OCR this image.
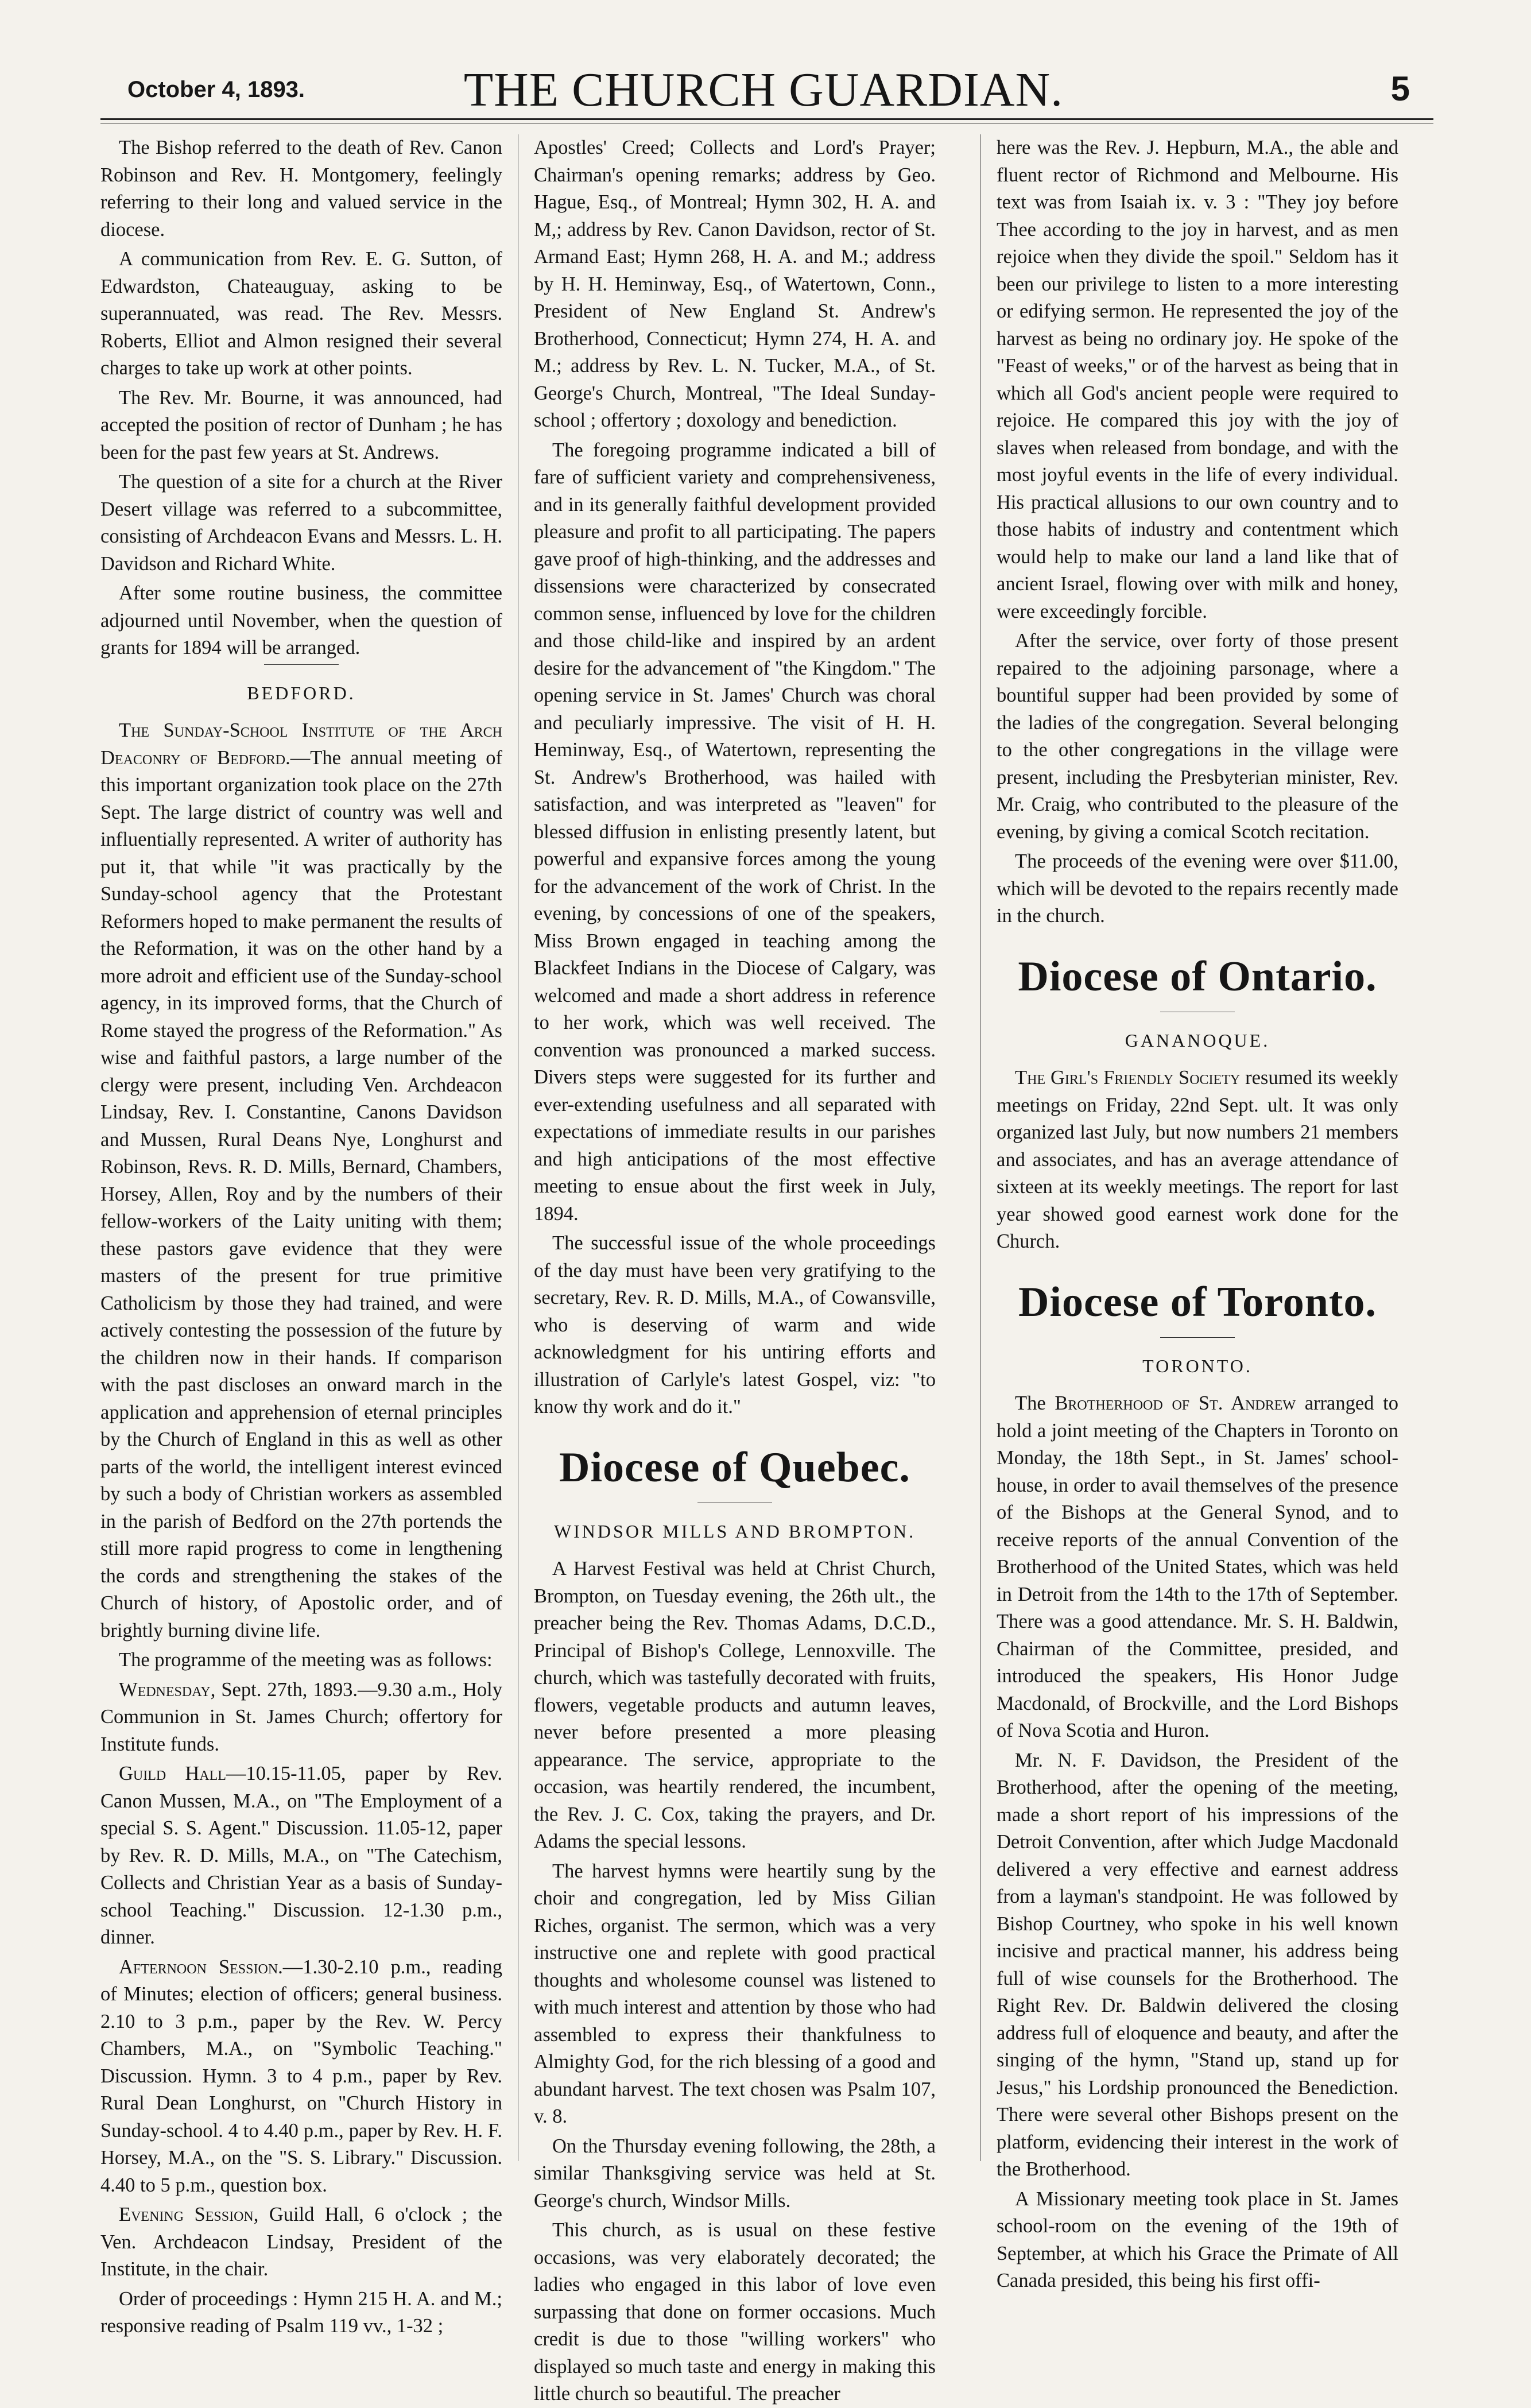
October 4, 1893.	THE CHURCH GUARDIAN.	5

The Bishop referred to the death of Rev. Canon Robinson and Rev. H. Montgomery, feelingly referring to their long and valued service in the diocese.

A communication from Rev. E. G. Sutton, of Edwardston, Chateauguay, asking to be superannuated, was read. The Rev. Messrs. Roberts, Elliot and Almon resigned their several charges to take up work at other points.

The Rev. Mr. Bourne, it was announced, had accepted the position of rector of Dunham ; he has been for the past few years at St. Andrews.

The question of a site for a church at the River Desert village was referred to a subcommittee, consisting of Archdeacon Evans and Messrs. L. H. Davidson and Richard White.

After some routine business, the committee adjourned until November, when the question of grants for 1894 will be arranged.

BEDFORD.

The Sunday-School Institute of the Arch Deaconry of Bedford.—The annual meeting of this important organization took place on the 27th Sept. The large district of country was well and influentially represented. A writer of authority has put it, that while "it was practically by the Sunday-school agency that the Protestant Reformers hoped to make permanent the results of the Reformation, it was on the other hand by a more adroit and efficient use of the Sunday-school agency, in its improved forms, that the Church of Rome stayed the progress of the Reformation." As wise and faithful pastors, a large number of the clergy were present, including Ven. Archdeacon Lindsay, Rev. I. Constantine, Canons Davidson and Mussen, Rural Deans Nye, Longhurst and Robinson, Revs. R. D. Mills, Bernard, Chambers, Horsey, Allen, Roy and by the numbers of their fellow-workers of the Laity uniting with them; these pastors gave evidence that they were masters of the present for true primitive Catholicism by those they had trained, and were actively contesting the possession of the future by the children now in their hands. If comparison with the past discloses an onward march in the application and apprehension of eternal principles by the Church of England in this as well as other parts of the world, the intelligent interest evinced by such a body of Christian workers as assembled in the parish of Bedford on the 27th portends the still more rapid progress to come in lengthening the cords and strengthening the stakes of the Church of history, of Apostolic order, and of brightly burning divine life.

The programme of the meeting was as follows:

Wednesday, Sept. 27th, 1893.—9.30 a.m., Holy Communion in St. James Church; offertory for Institute funds.

Guild Hall—10.15-11.05, paper by Rev. Canon Mussen, M.A., on "The Employment of a special S. S. Agent." Discussion. 11.05-12, paper by Rev. R. D. Mills, M.A., on "The Catechism, Collects and Christian Year as a basis of Sunday-school Teaching." Discussion. 12-1.30 p.m., dinner.

Afternoon Session.—1.30-2.10 p.m., reading of Minutes; election of officers; general business. 2.10 to 3 p.m., paper by the Rev. W. Percy Chambers, M.A., on "Symbolic Teaching." Discussion. Hymn. 3 to 4 p.m., paper by Rev. Rural Dean Longhurst, on "Church History in Sunday-school. 4 to 4.40 p.m., paper by Rev. H. F. Horsey, M.A., on the "S. S. Library." Discussion. 4.40 to 5 p.m., question box.

Evening Session, Guild Hall, 6 o'clock ; the Ven. Archdeacon Lindsay, President of the Institute, in the chair.

Order of proceedings : Hymn 215 H. A. and M.; responsive reading of Psalm 119 vv., 1-32 ;

Apostles' Creed; Collects and Lord's Prayer; Chairman's opening remarks; address by Geo. Hague, Esq., of Montreal; Hymn 302, H. A. and M,; address by Rev. Canon Davidson, rector of St. Armand East; Hymn 268, H. A. and M.; address by H. H. Heminway, Esq., of Watertown, Conn., President of New England St. Andrew's Brotherhood, Connecticut; Hymn 274, H. A. and M.; address by Rev. L. N. Tucker, M.A., of St. George's Church, Montreal, "The Ideal Sunday-school ; offertory ; doxology and benediction.

The foregoing programme indicated a bill of fare of sufficient variety and comprehensiveness, and in its generally faithful development provided pleasure and profit to all participating. The papers gave proof of high-thinking, and the addresses and dissensions were characterized by consecrated common sense, influenced by love for the children and those child-like and inspired by an ardent desire for the advancement of "the Kingdom." The opening service in St. James' Church was choral and peculiarly impressive. The visit of H. H. Heminway, Esq., of Watertown, representing the St. Andrew's Brotherhood, was hailed with satisfaction, and was interpreted as "leaven" for blessed diffusion in enlisting presently latent, but powerful and expansive forces among the young for the advancement of the work of Christ. In the evening, by concessions of one of the speakers, Miss Brown engaged in teaching among the Blackfeet Indians in the Diocese of Calgary, was welcomed and made a short address in reference to her work, which was well received. The convention was pronounced a marked success. Divers steps were suggested for its further and ever-extending usefulness and all separated with expectations of immediate results in our parishes and high anticipations of the most effective meeting to ensue about the first week in July, 1894.

The successful issue of the whole proceedings of the day must have been very gratifying to the secretary, Rev. R. D. Mills, M.A., of Cowansville, who is deserving of warm and wide acknowledgment for his untiring efforts and illustration of Carlyle's latest Gospel, viz: "to know thy work and do it."

Diocese of Quebec.
WINDSOR MILLS AND BROMPTON.

A Harvest Festival was held at Christ Church, Brompton, on Tuesday evening, the 26th ult., the preacher being the Rev. Thomas Adams, D.C.D., Principal of Bishop's College, Lennoxville. The church, which was tastefully decorated with fruits, flowers, vegetable products and autumn leaves, never before presented a more pleasing appearance. The service, appropriate to the occasion, was heartily rendered, the incumbent, the Rev. J. C. Cox, taking the prayers, and Dr. Adams the special lessons.

The harvest hymns were heartily sung by the choir and congregation, led by Miss Gilian Riches, organist. The sermon, which was a very instructive one and replete with good practical thoughts and wholesome counsel was listened to with much interest and attention by those who had assembled to express their thankfulness to Almighty God, for the rich blessing of a good and abundant harvest. The text chosen was Psalm 107, v. 8.

On the Thursday evening following, the 28th, a similar Thanksgiving service was held at St. George's church, Windsor Mills.

This church, as is usual on these festive occasions, was very elaborately decorated; the ladies who engaged in this labor of love even surpassing that done on former occasions. Much credit is due to those "willing workers" who displayed so much taste and energy in making this little church so beautiful. The preacher

here was the Rev. J. Hepburn, M.A., the able and fluent rector of Richmond and Melbourne. His text was from Isaiah ix. v. 3 : "They joy before Thee according to the joy in harvest, and as men rejoice when they divide the spoil." Seldom has it been our privilege to listen to a more interesting or edifying sermon. He represented the joy of the harvest as being no ordinary joy. He spoke of the "Feast of weeks," or of the harvest as being that in which all God's ancient people were required to rejoice. He compared this joy with the joy of slaves when released from bondage, and with the most joyful events in the life of every individual. His practical allusions to our own country and to those habits of industry and contentment which would help to make our land a land like that of ancient Israel, flowing over with milk and honey, were exceedingly forcible.

After the service, over forty of those present repaired to the adjoining parsonage, where a bountiful supper had been provided by some of the ladies of the congregation. Several belonging to the other congregations in the village were present, including the Presbyterian minister, Rev. Mr. Craig, who contributed to the pleasure of the evening, by giving a comical Scotch recitation.

The proceeds of the evening were over $11.00, which will be devoted to the repairs recently made in the church.

Diocese of Ontario.
GANANOQUE.

The Girl's Friendly Society resumed its weekly meetings on Friday, 22nd Sept. ult. It was only organized last July, but now numbers 21 members and associates, and has an average attendance of sixteen at its weekly meetings. The report for last year showed good earnest work done for the Church.

Diocese of Toronto.
TORONTO.

The Brotherhood of St. Andrew arranged to hold a joint meeting of the Chapters in Toronto on Monday, the 18th Sept., in St. James' school-house, in order to avail themselves of the presence of the Bishops at the General Synod, and to receive reports of the annual Convention of the Brotherhood of the United States, which was held in Detroit from the 14th to the 17th of September. There was a good attendance. Mr. S. H. Baldwin, Chairman of the Committee, presided, and introduced the speakers, His Honor Judge Macdonald, of Brockville, and the Lord Bishops of Nova Scotia and Huron.

Mr. N. F. Davidson, the President of the Brotherhood, after the opening of the meeting, made a short report of his impressions of the Detroit Convention, after which Judge Macdonald delivered a very effective and earnest address from a layman's standpoint. He was followed by Bishop Courtney, who spoke in his well known incisive and practical manner, his address being full of wise counsels for the Brotherhood. The Right Rev. Dr. Baldwin delivered the closing address full of eloquence and beauty, and after the singing of the hymn, "Stand up, stand up for Jesus," his Lordship pronounced the Benediction. There were several other Bishops present on the platform, evidencing their interest in the work of the Brotherhood.

A Missionary meeting took place in St. James school-room on the evening of the 19th of September, at which his Grace the Primate of All Canada presided, this being his first offi-
